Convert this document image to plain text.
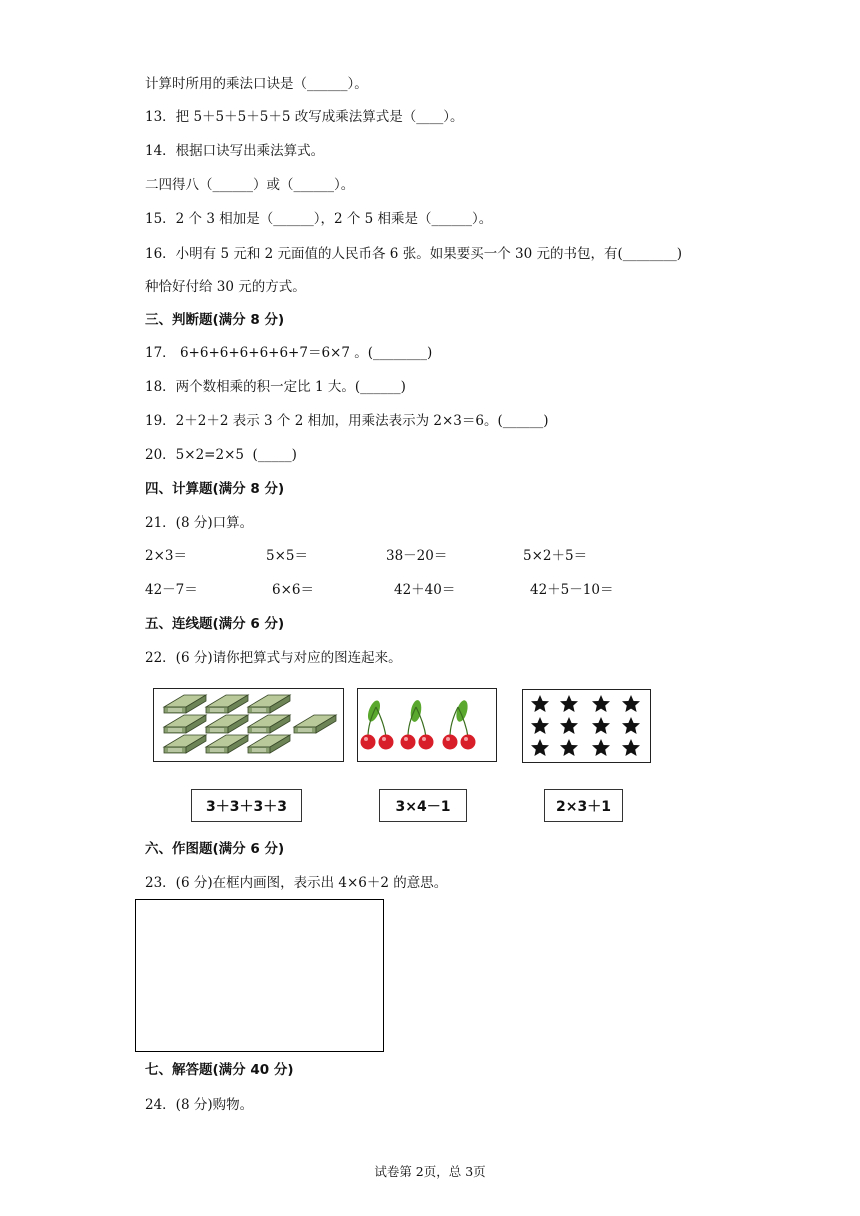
计算时所用的乘法口诀是（______）。
13．把 5＋5＋5＋5＋5 改写成乘法算式是（____）。
14．根据口诀写出乘法算式。
二四得八（______）或（______）。
15．2 个 3 相加是（______），2 个 5 相乘是（______）。
16．小明有 5 元和 2 元面值的人民币各 6 张。如果要买一个 30 元的书包，有(________)
种恰好付给 30 元的方式。
三、判断题(满分 8 分)
17． 6+6+6+6+6+6+7＝6×7 。(________)
18．两个数相乘的积一定比 1 大。(______)
19．2＋2＋2 表示 3 个 2 相加，用乘法表示为 2×3＝6。(______)
20．5×2=2×5  (_____)
四、计算题(满分 8 分)
21．(8 分)口算。
2×3＝	5×5＝	38－20＝	5×2＋5＝
42－7＝	6×6＝	42＋40＝	42＋5－10＝
五、连线题(满分 6 分)
22．(6 分)请你把算式与对应的图连起来。
3＋3＋3＋3	3×4－1	2×3＋1
六、作图题(满分 6 分)
23．(6 分)在框内画图，表示出 4×6＋2 的意思。
七、解答题(满分 40 分)
24．(8 分)购物。
试卷第 2页，总 3页
